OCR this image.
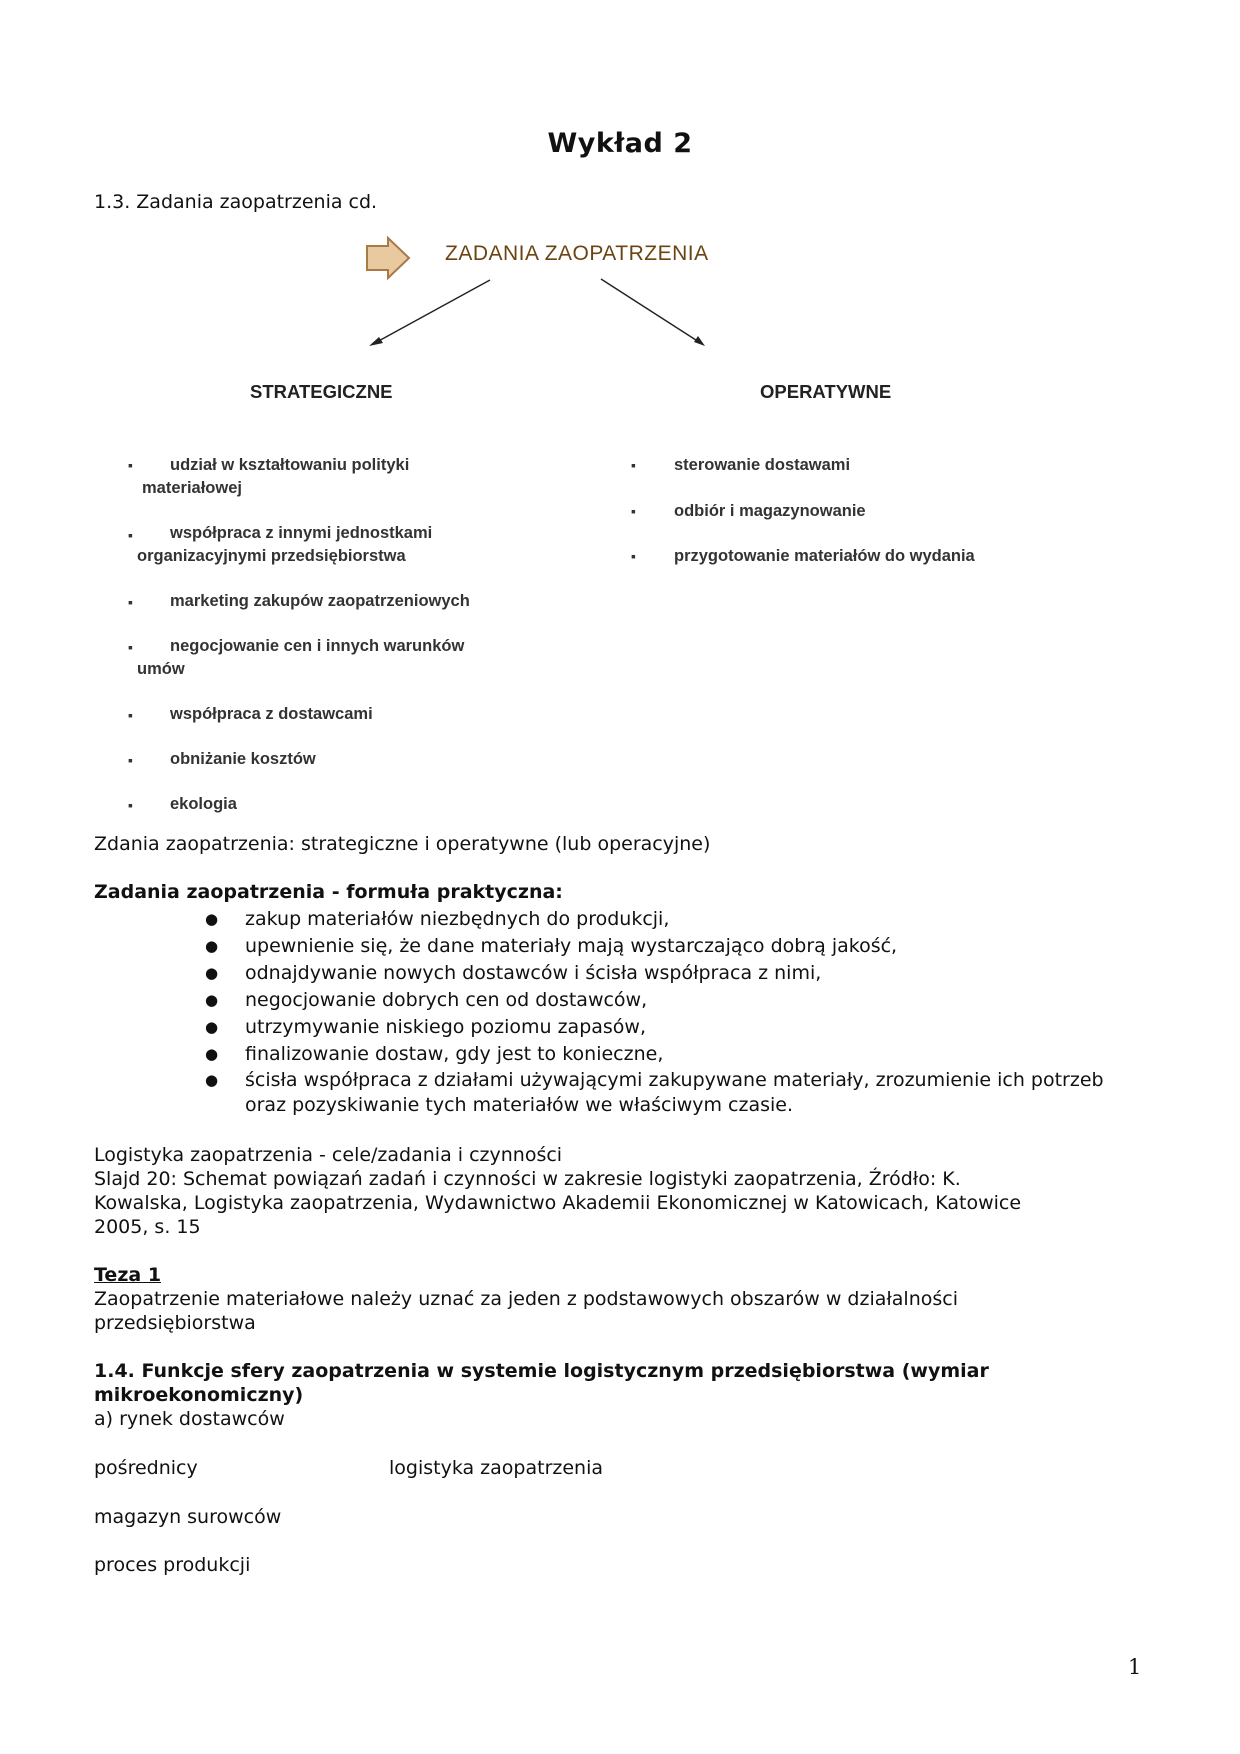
Wykład 2
1.3. Zadania zaopatrzenia cd.
ZADANIA ZAOPATRZENIA
STRATEGICZNE	OPERATYWNE
▪ udział w kształtowaniu polityki
materiałowej
▪ współpraca z innymi jednostkami
organizacyjnymi przedsiębiorstwa
▪ marketing zakupów zaopatrzeniowych
▪ negocjowanie cen i innych warunków
umów
▪ współpraca z dostawcami
▪ obniżanie kosztów
▪ ekologia
▪ sterowanie dostawami
▪ odbiór i magazynowanie
▪ przygotowanie materiałów do wydania
Zdania zaopatrzenia: strategiczne i operatywne (lub operacyjne)
Zadania zaopatrzenia - formuła praktyczna:
● zakup materiałów niezbędnych do produkcji,
● upewnienie się, że dane materiały mają wystarczająco dobrą jakość,
● odnajdywanie nowych dostawców i ścisła współpraca z nimi,
● negocjowanie dobrych cen od dostawców,
● utrzymywanie niskiego poziomu zapasów,
● finalizowanie dostaw, gdy jest to konieczne,
● ścisła współpraca z działami używającymi zakupywane materiały, zrozumienie ich potrzeb oraz pozyskiwanie tych materiałów we właściwym czasie.
Logistyka zaopatrzenia - cele/zadania i czynności
Slajd 20: Schemat powiązań zadań i czynności w zakresie logistyki zaopatrzenia, Źródło: K.
Kowalska, Logistyka zaopatrzenia, Wydawnictwo Akademii Ekonomicznej w Katowicach, Katowice
2005, s. 15
Teza 1
Zaopatrzenie materiałowe należy uznać za jeden z podstawowych obszarów w działalności
przedsiębiorstwa
1.4. Funkcje sfery zaopatrzenia w systemie logistycznym przedsiębiorstwa (wymiar
mikroekonomiczny)
a) rynek dostawców
pośrednicy	logistyka zaopatrzenia
magazyn surowców
proces produkcji
1
